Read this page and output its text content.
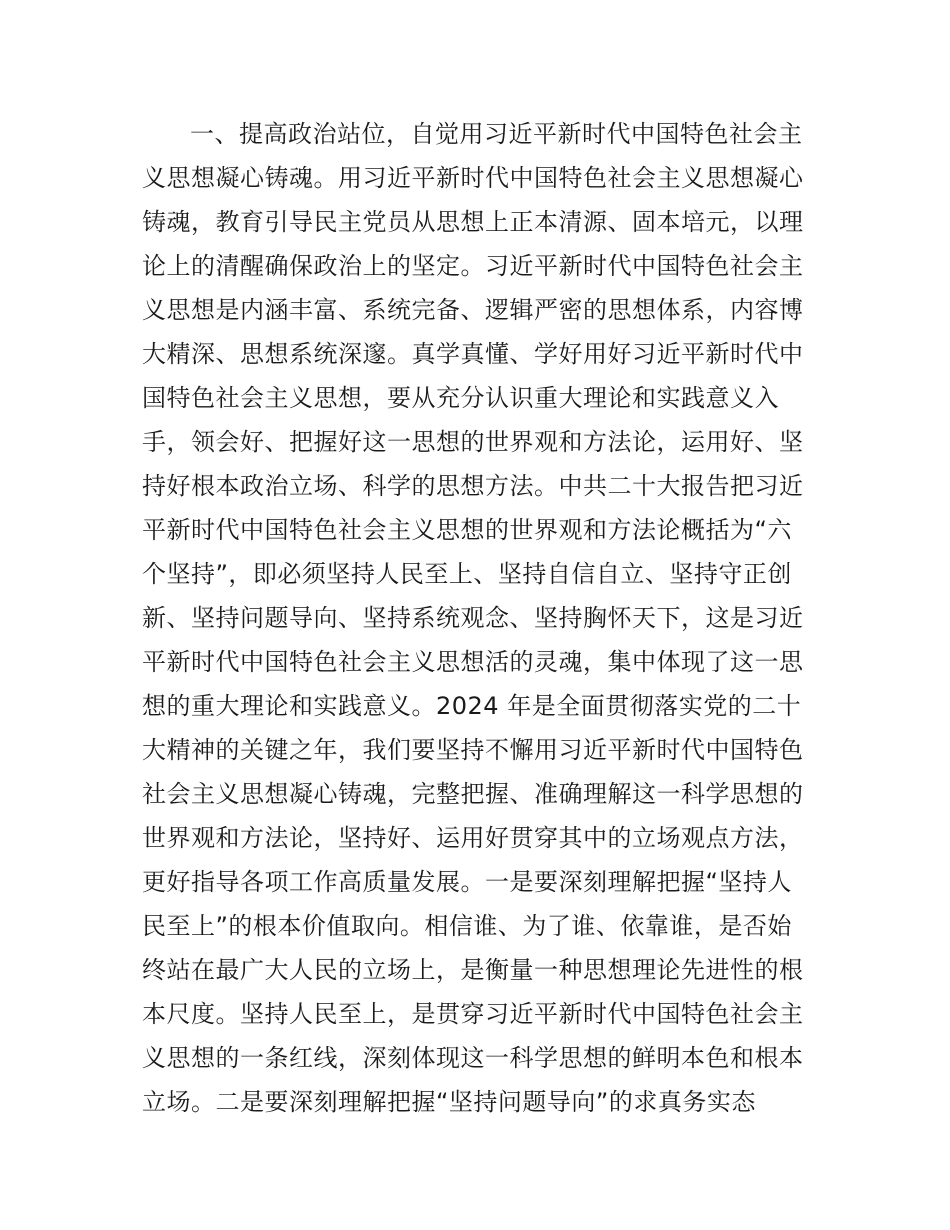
一、提高政治站位，自觉用习近平新时代中国特色社会主
义思想凝心铸魂。用习近平新时代中国特色社会主义思想凝心
铸魂，教育引导民主党员从思想上正本清源、固本培元，以理
论上的清醒确保政治上的坚定。习近平新时代中国特色社会主
义思想是内涵丰富、系统完备、逻辑严密的思想体系，内容博
大精深、思想系统深邃。真学真懂、学好用好习近平新时代中
国特色社会主义思想，要从充分认识重大理论和实践意义入
手，领会好、把握好这一思想的世界观和方法论，运用好、坚
持好根本政治立场、科学的思想方法。中共二十大报告把习近
平新时代中国特色社会主义思想的世界观和方法论概括为“六
个坚持”，即必须坚持人民至上、坚持自信自立、坚持守正创
新、坚持问题导向、坚持系统观念、坚持胸怀天下，这是习近
平新时代中国特色社会主义思想活的灵魂，集中体现了这一思
想的重大理论和实践意义。2024 年是全面贯彻落实党的二十
大精神的关键之年，我们要坚持不懈用习近平新时代中国特色
社会主义思想凝心铸魂，完整把握、准确理解这一科学思想的
世界观和方法论，坚持好、运用好贯穿其中的立场观点方法，
更好指导各项工作高质量发展。一是要深刻理解把握“坚持人
民至上”的根本价值取向。相信谁、为了谁、依靠谁，是否始
终站在最广大人民的立场上，是衡量一种思想理论先进性的根
本尺度。坚持人民至上，是贯穿习近平新时代中国特色社会主
义思想的一条红线，深刻体现这一科学思想的鲜明本色和根本
立场。二是要深刻理解把握“坚持问题导向”的求真务实态
